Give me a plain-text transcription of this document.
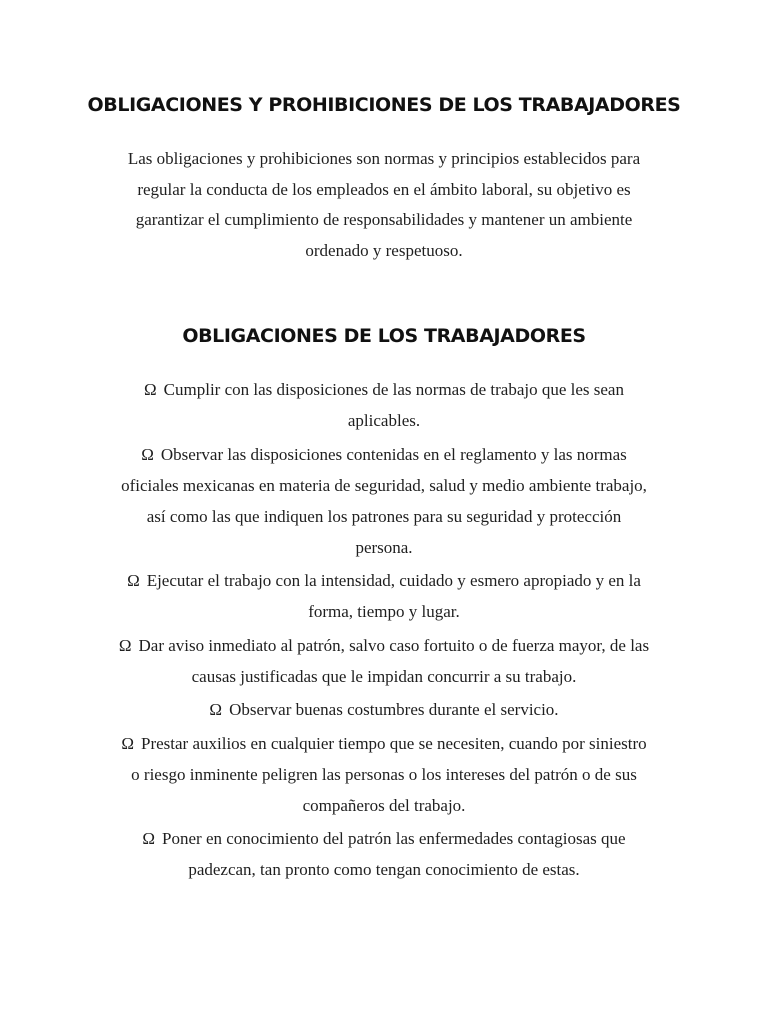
OBLIGACIONES Y PROHIBICIONES DE LOS TRABAJADORES

Las obligaciones y prohibiciones son normas y principios establecidos para regular la conducta de los empleados en el ámbito laboral, su objetivo es garantizar el cumplimiento de responsabilidades y mantener un ambiente ordenado y respetuoso.

OBLIGACIONES DE LOS TRABAJADORES
Ω Cumplir con las disposiciones de las normas de trabajo que les sean aplicables.
Ω Observar las disposiciones contenidas en el reglamento y las normas oficiales mexicanas en materia de seguridad, salud y medio ambiente trabajo, así como las que indiquen los patrones para su seguridad y protección persona.
Ω Ejecutar el trabajo con la intensidad, cuidado y esmero apropiado y en la forma, tiempo y lugar.
Ω Dar aviso inmediato al patrón, salvo caso fortuito o de fuerza mayor, de las causas justificadas que le impidan concurrir a su trabajo.
Ω Observar buenas costumbres durante el servicio.
Ω Prestar auxilios en cualquier tiempo que se necesiten, cuando por siniestro o riesgo inminente peligren las personas o los intereses del patrón o de sus compañeros del trabajo.
Ω Poner en conocimiento del patrón las enfermedades contagiosas que padezcan, tan pronto como tengan conocimiento de estas.
